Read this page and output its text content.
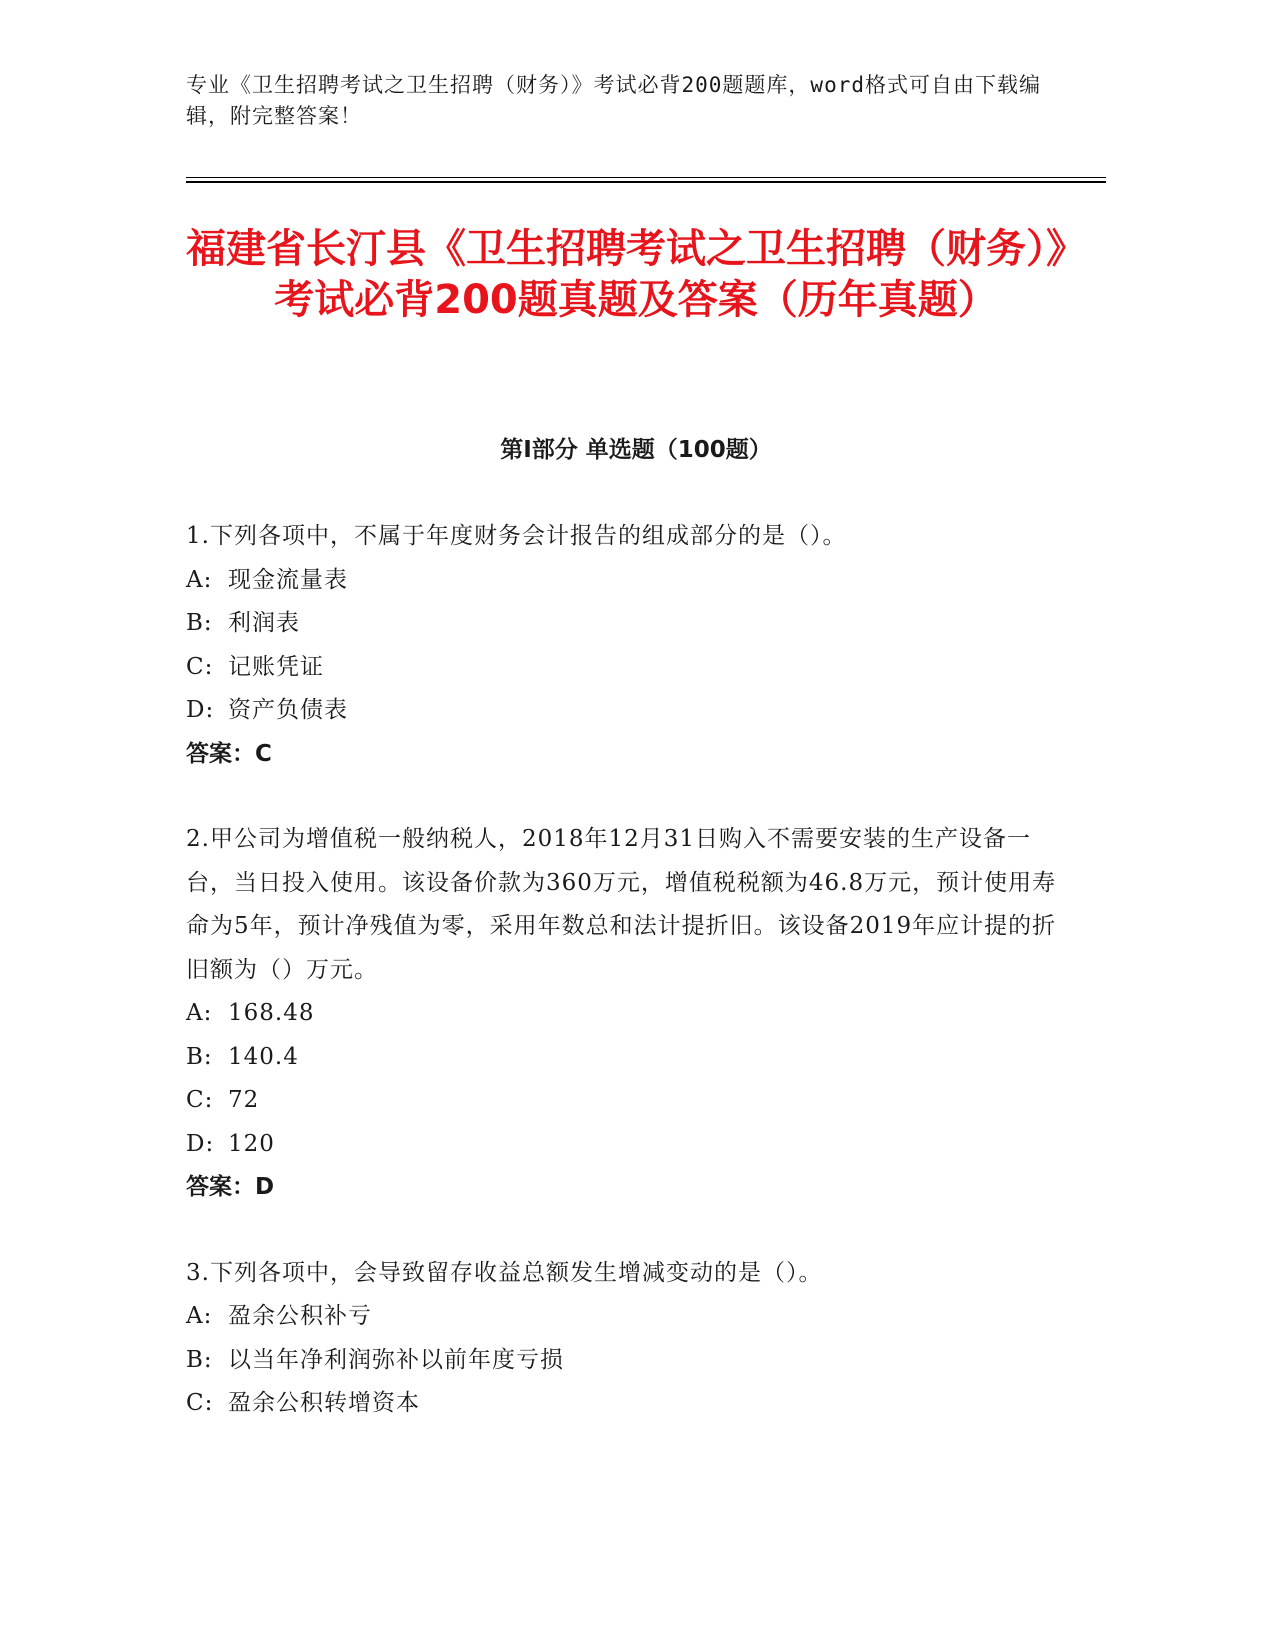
专业《卫生招聘考试之卫生招聘（财务）》考试必背200题题库，word格式可自由下载编辑，附完整答案！
福建省长汀县《卫生招聘考试之卫生招聘（财务）》考试必背200题真题及答案（历年真题）
第Ⅰ部分 单选题（100题）

1.下列各项中，不属于年度财务会计报告的组成部分的是（）。

A: 现金流量表

B: 利润表

C: 记账凭证

D: 资产负债表

答案：C

2.甲公司为增值税一般纳税人，2018年12月31日购入不需要安装的生产设备一台，当日投入使用。该设备价款为360万元，增值税税额为46.8万元，预计使用寿命为5年，预计净残值为零，采用年数总和法计提折旧。该设备2019年应计提的折旧额为（）万元。

A: 168.48

B: 140.4

C: 72

D: 120

答案：D

3.下列各项中，会导致留存收益总额发生增减变动的是（）。

A: 盈余公积补亏

B: 以当年净利润弥补以前年度亏损

C: 盈余公积转增资本
